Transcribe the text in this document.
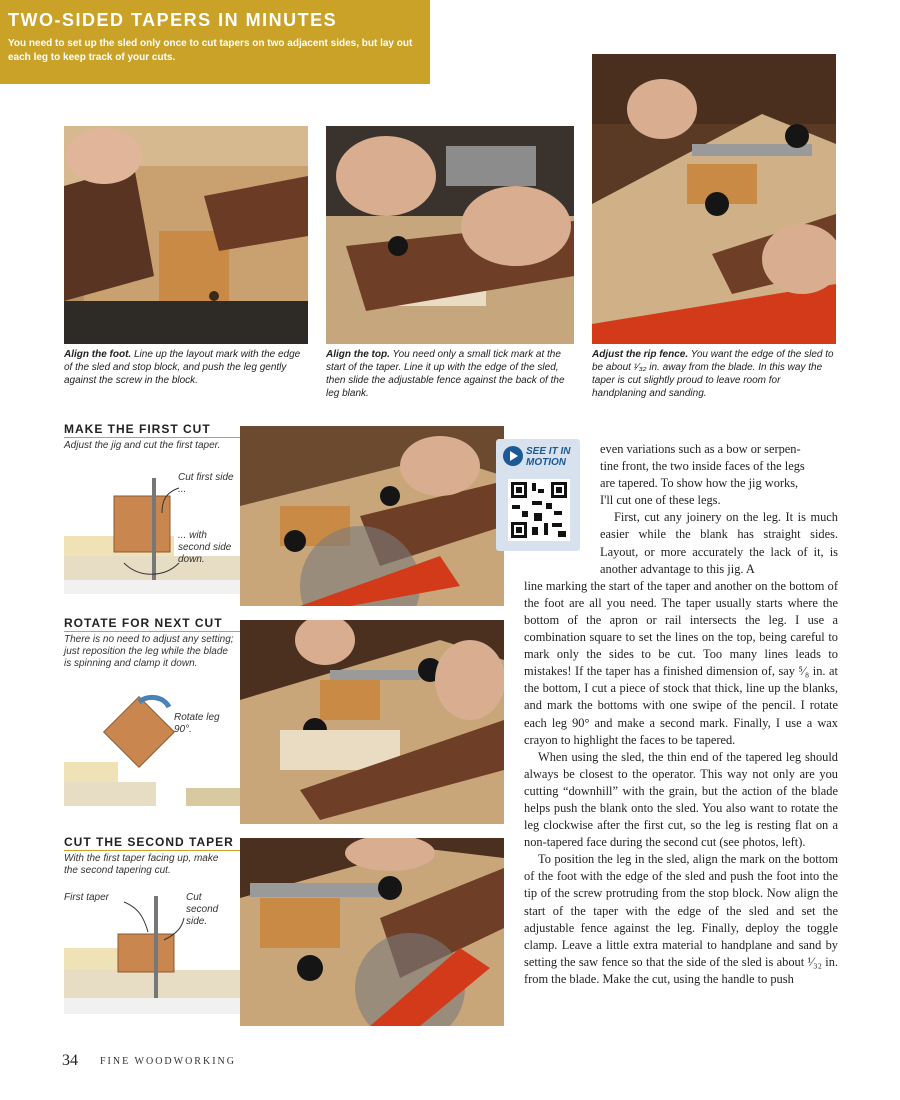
TWO-SIDED TAPERS IN MINUTES
You need to set up the sled only once to cut tapers on two adjacent sides, but lay out each leg to keep track of your cuts.
Align the foot. Line up the layout mark with the edge of the sled and stop block, and push the leg gently against the screw in the block.
Align the top. You need only a small tick mark at the start of the taper. Line it up with the edge of the sled, then slide the adjustable fence against the back of the leg blank.
Adjust the rip fence. You want the edge of the sled to be about ¹⁄₃₂ in. away from the blade. In this way the taper is cut slightly proud to leave room for handplaning and sanding.
MAKE THE FIRST CUT
Adjust the jig and cut the first taper.
Cut first side ...
... with second side down.
ROTATE FOR NEXT CUT
There is no need to adjust any setting; just reposition the leg while the blade is spinning and clamp it down.
Rotate leg 90°.
CUT THE SECOND TAPER
With the first taper facing up, make the second tapering cut.
First taper	Cut second side.
SEE IT IN
MOTION
even variations such as a bow or serpen-
tine front, the two inside faces of the legs
are tapered. To show how the jig works,
I'll cut one of these legs.

First, cut any joinery on the leg. It is much easier while the blank has straight sides. Layout, or more accurately the lack of it, is another advantage to this jig. A

line marking the start of the taper and another on the bottom of the foot are all you need. The taper usually starts where the bottom of the apron or rail intersects the leg. I use a combination square to set the lines on the top, being careful to mark only the sides to be cut. Too many lines leads to mistakes! If the taper has a finished dimension of, say ⁵⁄₈ in. at the bottom, I cut a piece of stock that thick, line up the blanks, and mark the bottoms with one swipe of the pencil. I rotate each leg 90° and make a second mark. Finally, I use a wax crayon to highlight the faces to be tapered.

When using the sled, the thin end of the tapered leg should always be closest to the operator. This way not only are you cutting “downhill” with the grain, but the action of the blade helps push the blank onto the sled. You also want to rotate the leg clockwise after the first cut, so the leg is resting flat on a non-tapered face during the second cut (see photos, left).

To position the leg in the sled, align the mark on the bottom of the foot with the edge of the sled and push the foot into the tip of the screw protruding from the stop block. Now align the start of the taper with the edge of the sled and set the adjustable fence against the leg. Finally, deploy the toggle clamp. Leave a little extra material to handplane and sand by setting the saw fence so that the side of the sled is about ¹⁄₃₂ in. from the blade. Make the cut, using the handle to push

34 FINE WOODWORKING
